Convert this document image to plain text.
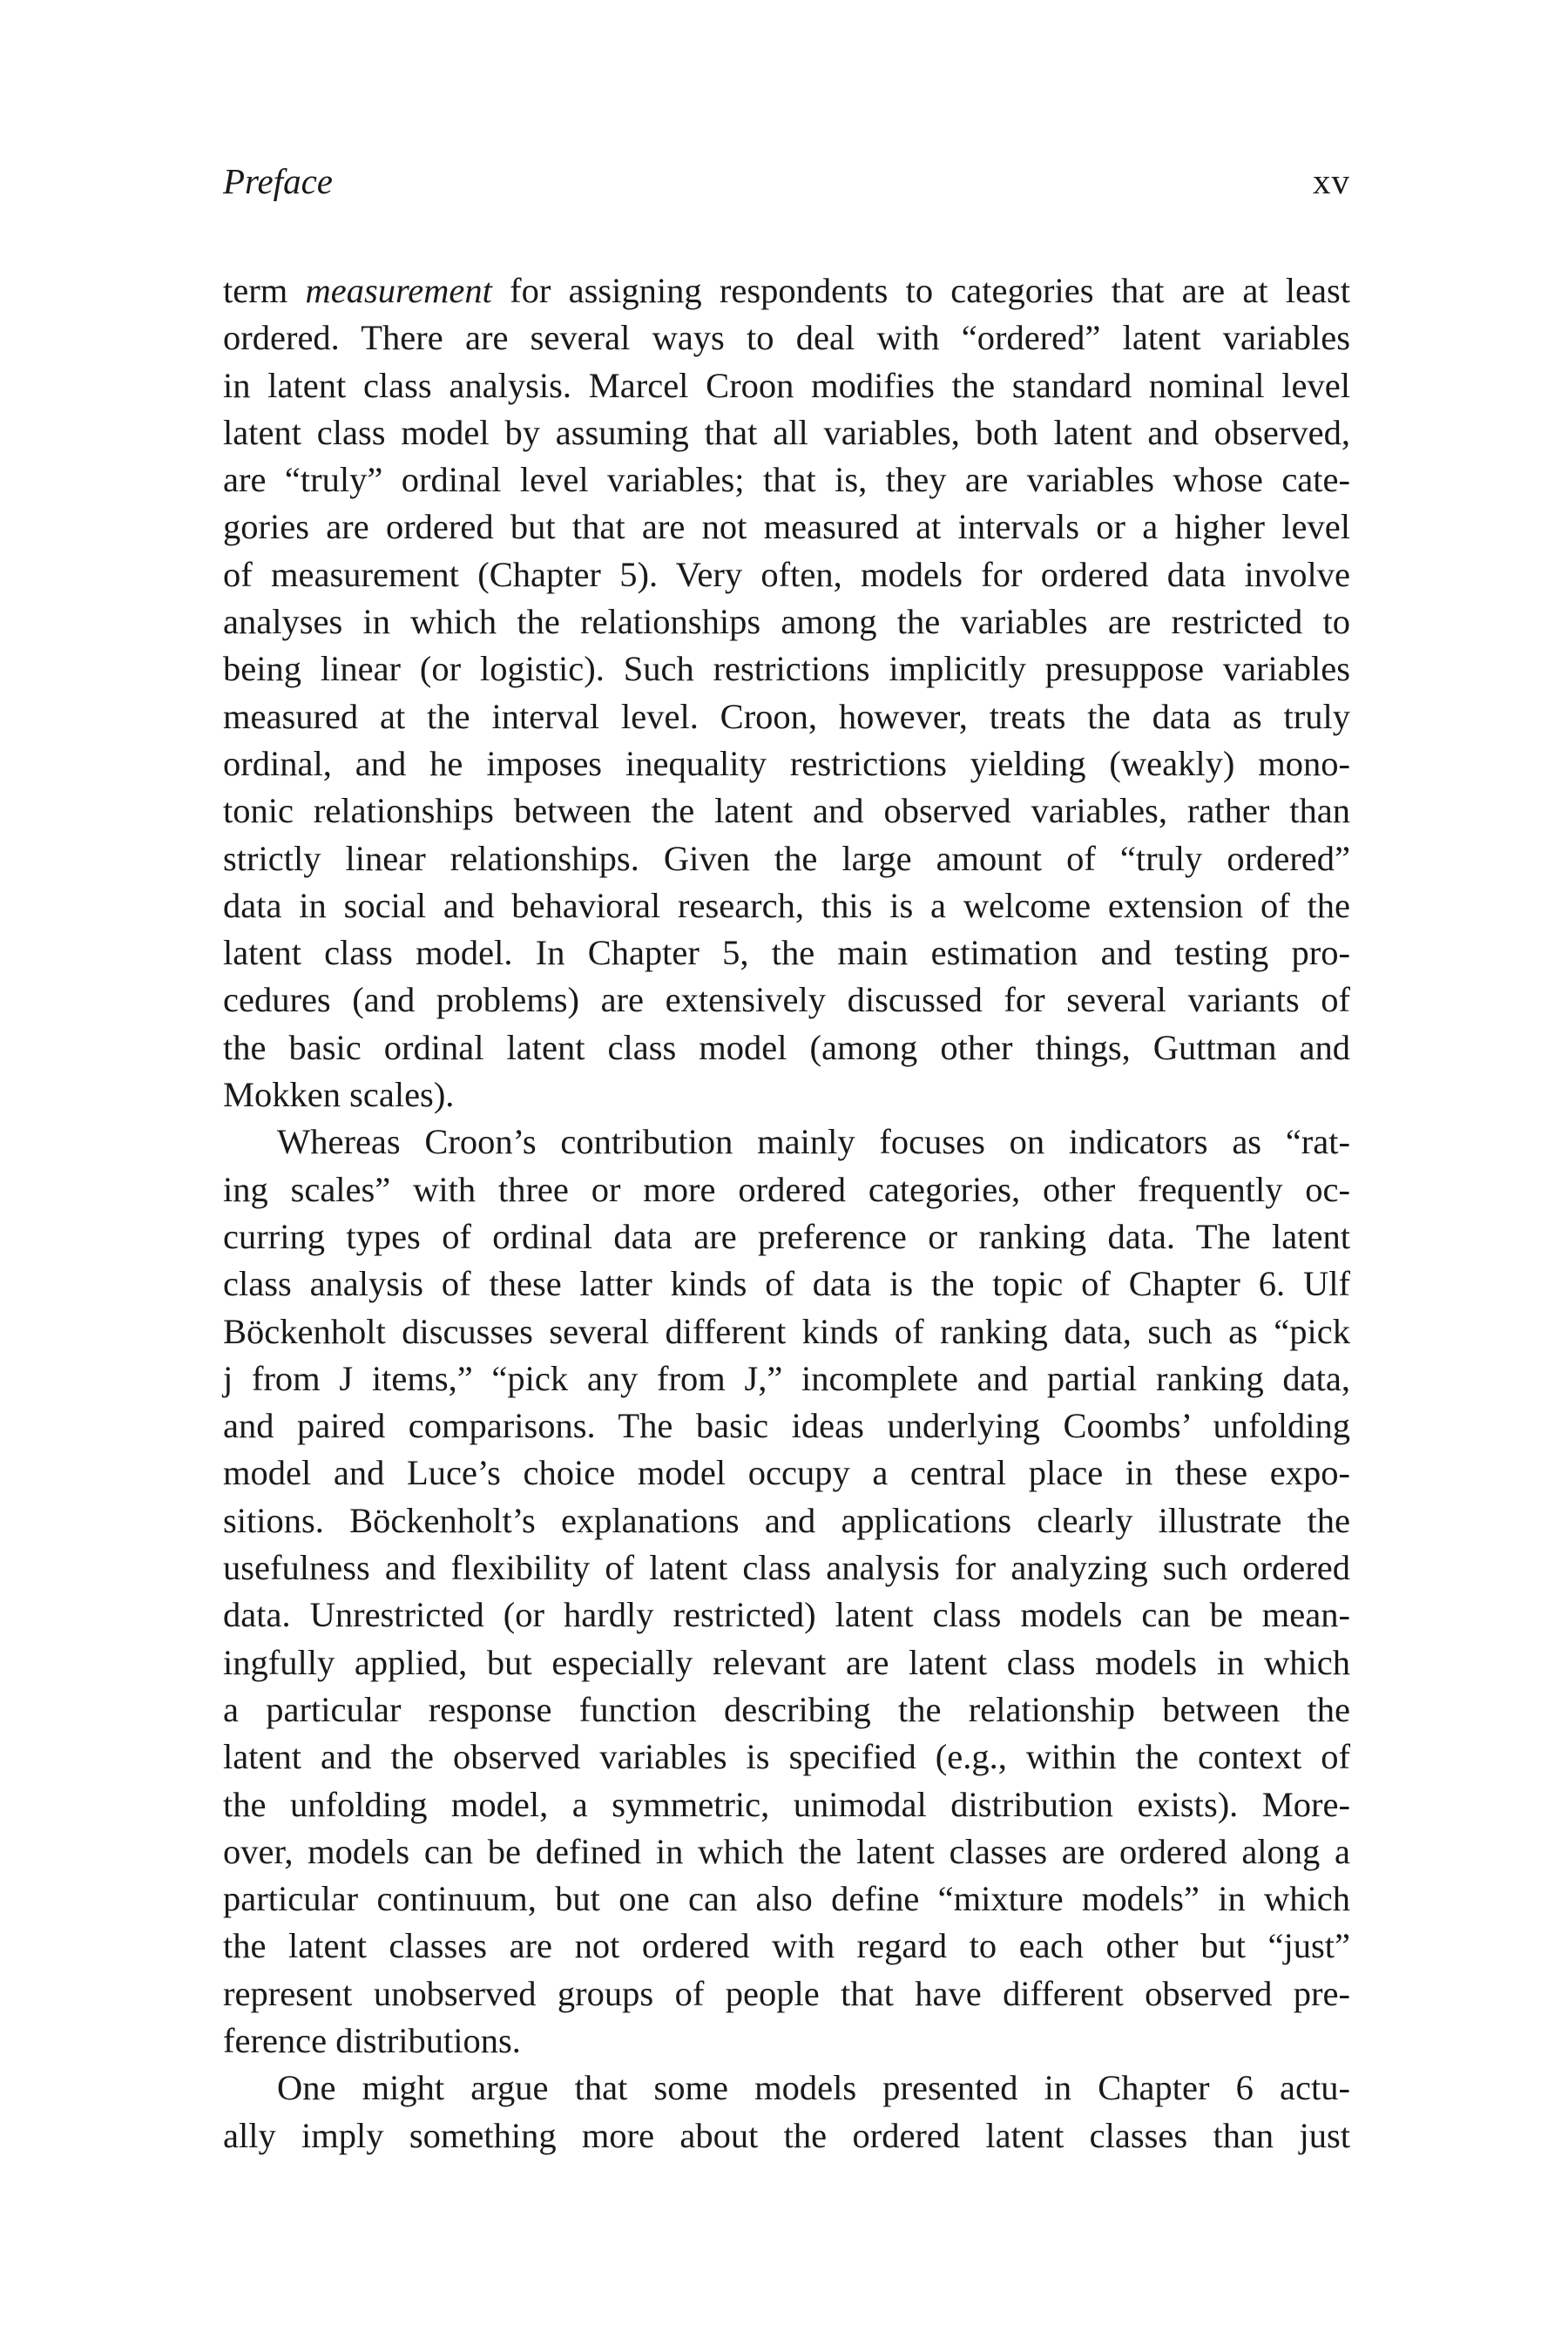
Preface	xv
term measurement for assigning respondents to categories that are at least
ordered. There are several ways to deal with “ordered” latent variables
in latent class analysis. Marcel Croon modifies the standard nominal level
latent class model by assuming that all variables, both latent and observed,
are “truly” ordinal level variables; that is, they are variables whose cate-
gories are ordered but that are not measured at intervals or a higher level
of measurement (Chapter 5). Very often, models for ordered data involve
analyses in which the relationships among the variables are restricted to
being linear (or logistic). Such restrictions implicitly presuppose variables
measured at the interval level. Croon, however, treats the data as truly
ordinal, and he imposes inequality restrictions yielding (weakly) mono-
tonic relationships between the latent and observed variables, rather than
strictly linear relationships. Given the large amount of “truly ordered”
data in social and behavioral research, this is a welcome extension of the
latent class model. In Chapter 5, the main estimation and testing pro-
cedures (and problems) are extensively discussed for several variants of
the basic ordinal latent class model (among other things, Guttman and
Mokken scales).
Whereas Croon’s contribution mainly focuses on indicators as “rat-
ing scales” with three or more ordered categories, other frequently oc-
curring types of ordinal data are preference or ranking data. The latent
class analysis of these latter kinds of data is the topic of Chapter 6. Ulf
Böckenholt discusses several different kinds of ranking data, such as “pick
j from J items,” “pick any from J,” incomplete and partial ranking data,
and paired comparisons. The basic ideas underlying Coombs’ unfolding
model and Luce’s choice model occupy a central place in these expo-
sitions. Böckenholt’s explanations and applications clearly illustrate the
usefulness and flexibility of latent class analysis for analyzing such ordered
data. Unrestricted (or hardly restricted) latent class models can be mean-
ingfully applied, but especially relevant are latent class models in which
a particular response function describing the relationship between the
latent and the observed variables is specified (e.g., within the context of
the unfolding model, a symmetric, unimodal distribution exists). More-
over, models can be defined in which the latent classes are ordered along a
particular continuum, but one can also define “mixture models” in which
the latent classes are not ordered with regard to each other but “just”
represent unobserved groups of people that have different observed pre-
ference distributions.
One might argue that some models presented in Chapter 6 actu-
ally imply something more about the ordered latent classes than just
